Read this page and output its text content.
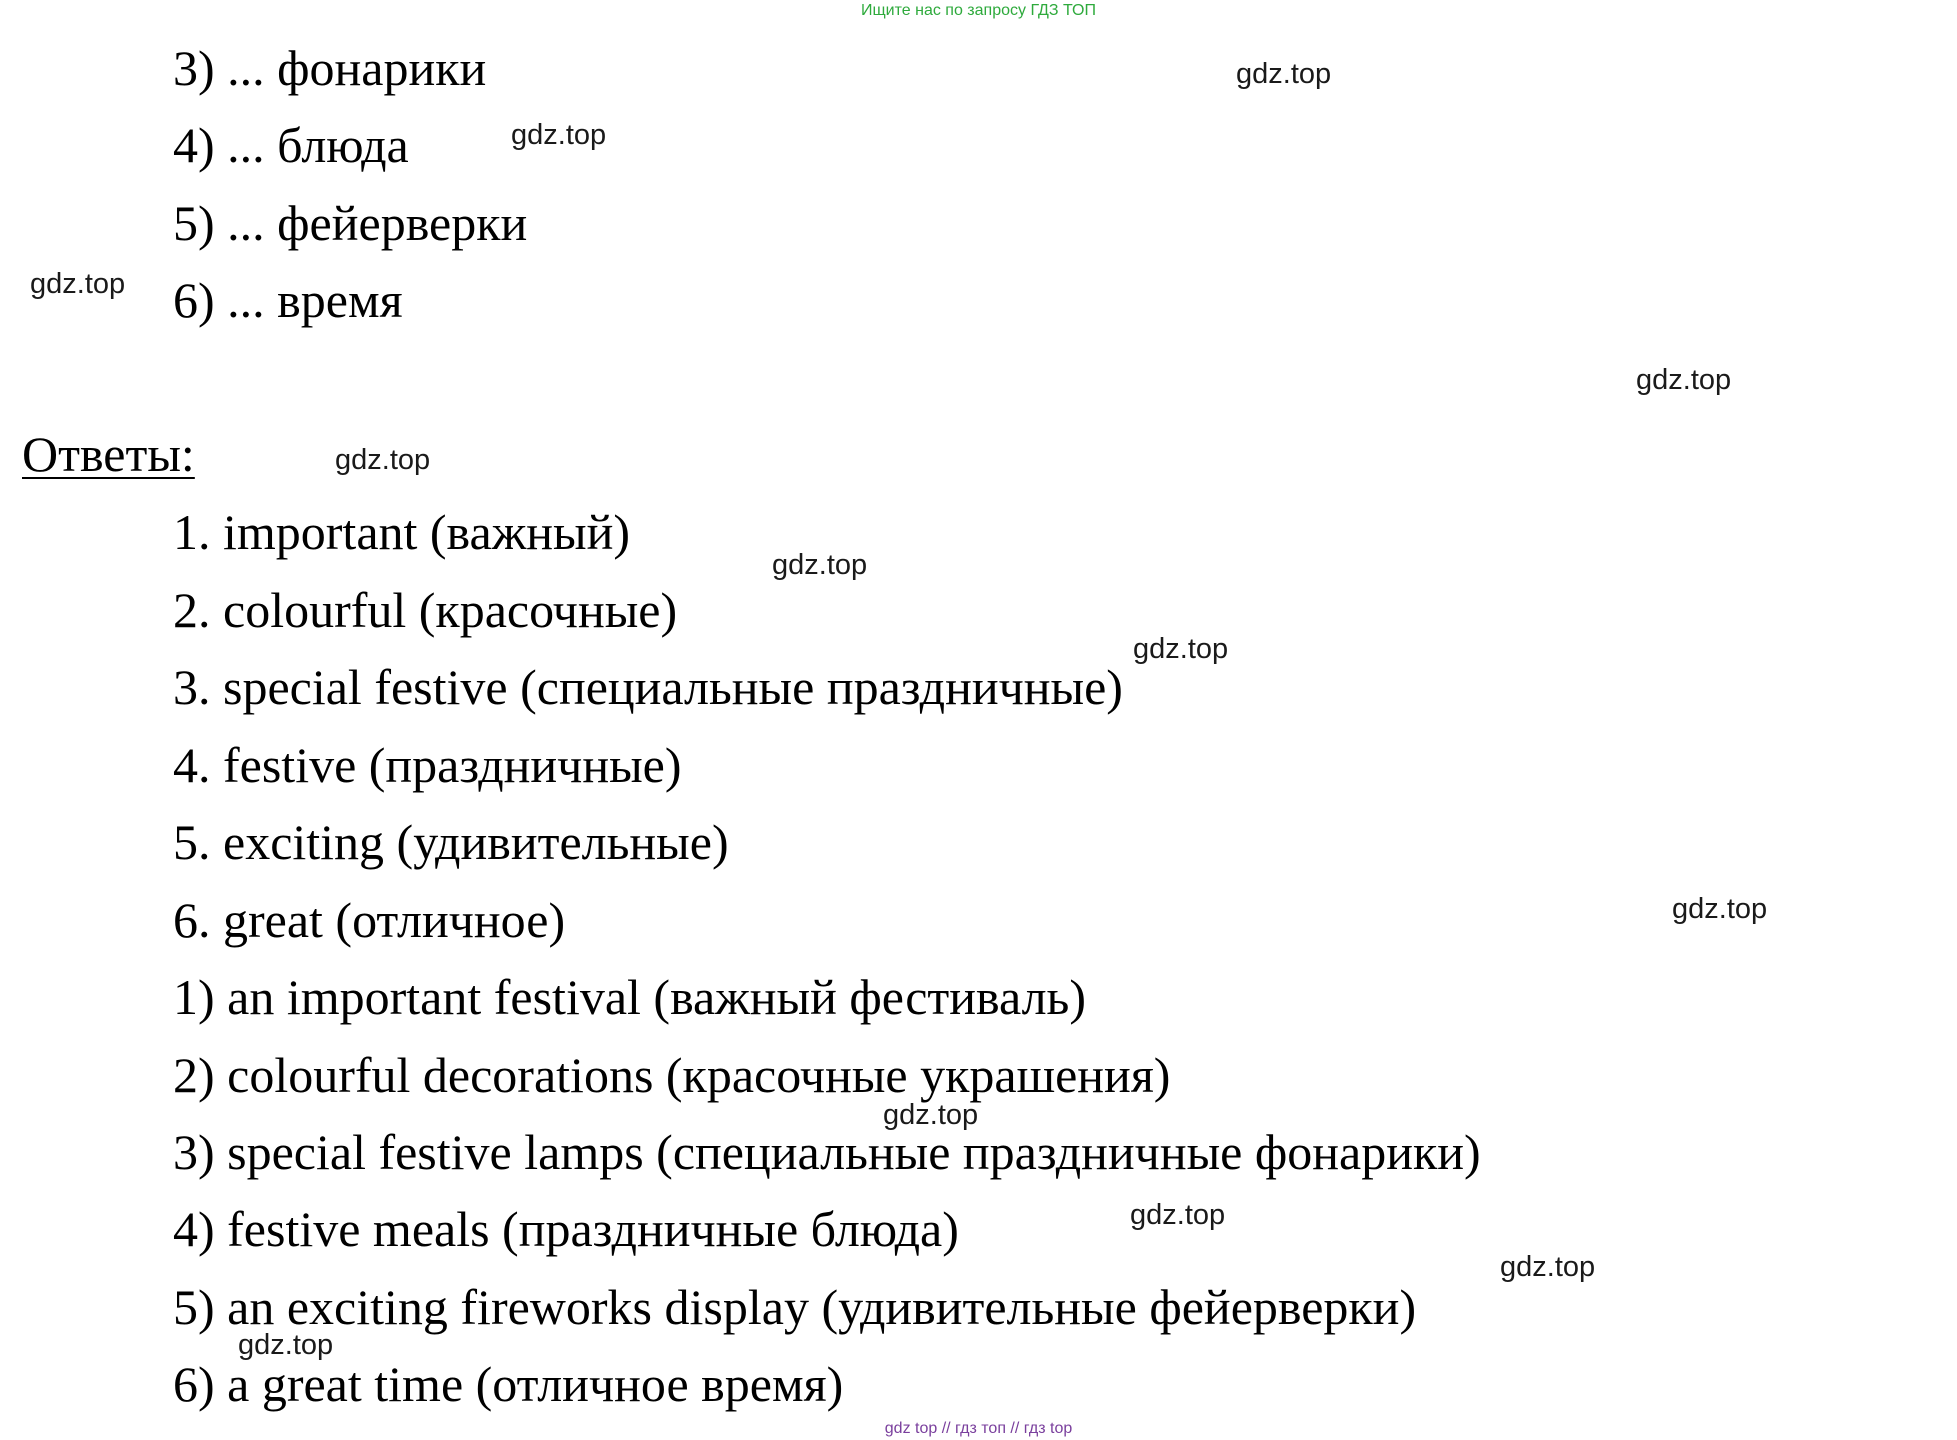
Ищите нас по запросу ГДЗ ТОП
3) ... фонарики
4) ... блюда
5) ... фейерверки
6) ... время
Ответы:
1. important (важный)
2. colourful (красочные)
3. special festive (специальные праздничные)
4. festive (праздничные)
5. exciting (удивительные)
6. great (отличное)
1) an important festival (важный фестиваль)
2) colourful decorations (красочные украшения)
3) special festive lamps (специальные праздничные фонарики)
4) festive meals (праздничные блюда)
5) an exciting fireworks display (удивительные фейерверки)
6) a great time (отличное время)
gdz.top
gdz.top
gdz.top
gdz.top
gdz.top
gdz.top
gdz.top
gdz.top
gdz.top
gdz.top
gdz.top
gdz.top
gdz top // гдз топ // гдз top
